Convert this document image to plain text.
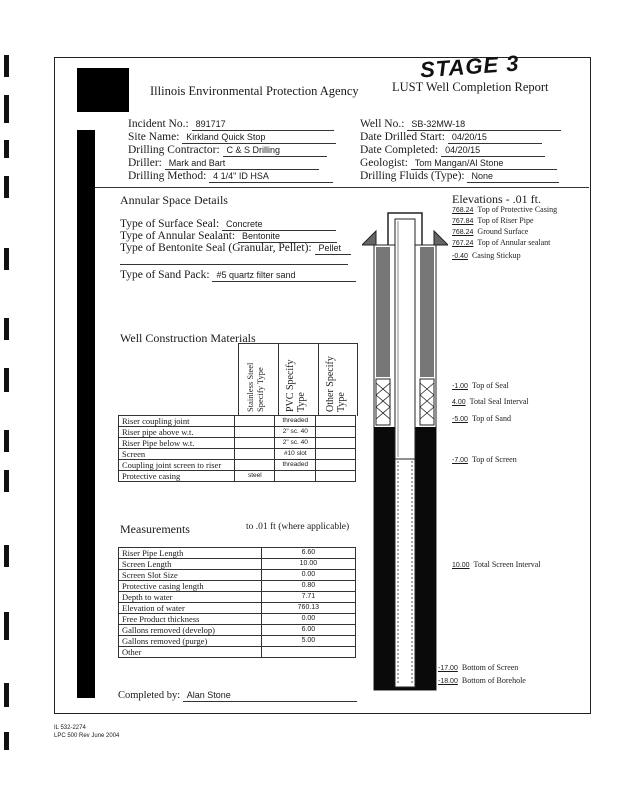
STAGE 3
Illinois Environmental Protection Agency	LUST Well Completion Report
Incident No.: 891717
Site Name: Kirkland Quick Stop
Drilling Contractor: C & S Drilling
Driller: Mark and Bart
Drilling Method: 4 1/4" ID HSA
Well No.: SB-32MW-18
Date Drilled Start: 04/20/15
Date Completed: 04/20/15
Geologist: Tom Mangan/Al Stone
Drilling Fluids (Type): None
Annular Space Details
Type of Surface Seal: Concrete
Type of Annular Sealant: Bentonite
Type of Bentonite Seal (Granular, Pellet): Pellet
Type of Sand Pack: #5 quartz filter sand
Well Construction Materials
Stainless Steel Specify Type PVC Specify Type Other Specify Type
Riser coupling joint		threaded	
Riser pipe above w.t.		2" sc. 40	
Riser Pipe below w.t.		2" sc. 40	
Screen		#10 slot	
Coupling joint screen to riser		threaded	
Protective casing	steel		
Measurements	to .01 ft (where applicable)
Riser Pipe Length	6.60
Screen Length	10.00
Screen Slot Size	0.00
Protective casing length	0.80
Depth to water	7.71
Elevation of water	760.13
Free Product thickness	0.00
Gallons removed (develop)	6.00
Gallons removed (purge)	5.00
Other	
Completed by: Alan Stone
Elevations - .01 ft.
768.24 Top of Protective Casing
767.84 Top of Riser Pipe
768.24 Ground Surface
767.24 Top of Annular sealant
-0.40 Casing Stickup
-1.00 Top of Seal
4.00 Total Seal Interval
-5.00 Top of Sand
-7.00 Top of Screen
10.00 Total Screen Interval
-17.00 Bottom of Screen
-18.00 Bottom of Borehole
IL 532-2274
LPC 500 Rev June 2004
